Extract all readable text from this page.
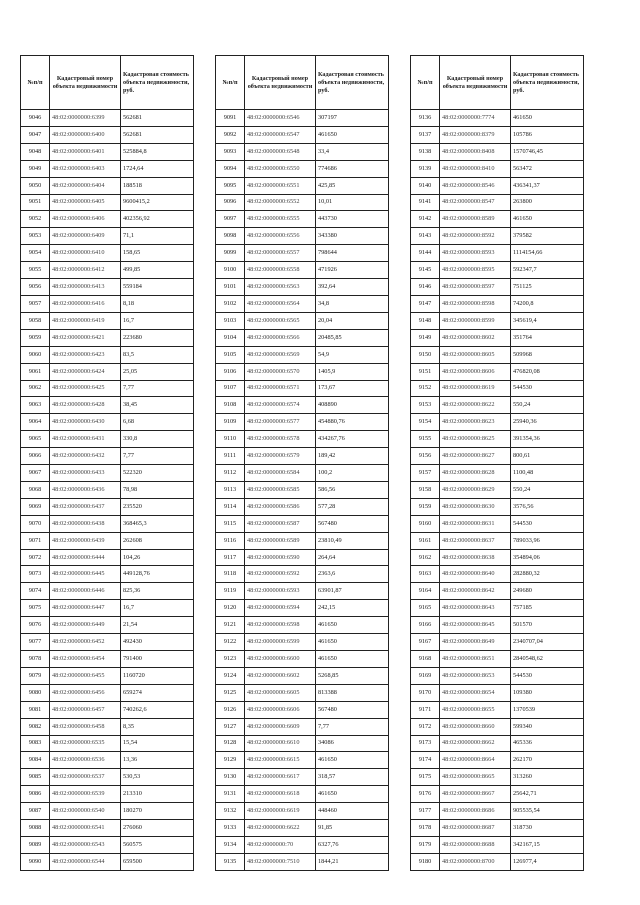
№п/п	Кадастровый номер объекта недвижимости	Кадастровая стоимость объекта недвижимости, руб.
9046	48:02:0000000:6399	562681
9047	48:02:0000000:6400	562681
9048	48:02:0000000:6401	525884,8
9049	48:02:0000000:6403	1724,64
9050	48:02:0000000:6404	188518
9051	48:02:0000000:6405	9600415,2
9052	48:02:0000000:6406	402356,92
9053	48:02:0000000:6409	71,1
9054	48:02:0000000:6410	158,65
9055	48:02:0000000:6412	499,85
9056	48:02:0000000:6413	559184
9057	48:02:0000000:6416	8,18
9058	48:02:0000000:6419	16,7
9059	48:02:0000000:6421	223680
9060	48:02:0000000:6423	83,5
9061	48:02:0000000:6424	25,05
9062	48:02:0000000:6425	7,77
9063	48:02:0000000:6428	38,45
9064	48:02:0000000:6430	6,68
9065	48:02:0000000:6431	330,8
9066	48:02:0000000:6432	7,77
9067	48:02:0000000:6433	522320
9068	48:02:0000000:6436	78,98
9069	48:02:0000000:6437	235520
9070	48:02:0000000:6438	368465,3
9071	48:02:0000000:6439	262608
9072	48:02:0000000:6444	104,26
9073	48:02:0000000:6445	449128,76
9074	48:02:0000000:6446	825,36
9075	48:02:0000000:6447	16,7
9076	48:02:0000000:6449	21,54
9077	48:02:0000000:6452	492430
9078	48:02:0000000:6454	791400
9079	48:02:0000000:6455	1160720
9080	48:02:0000000:6456	659274
9081	48:02:0000000:6457	740262,6
9082	48:02:0000000:6458	8,35
9083	48:02:0000000:6535	15,54
9084	48:02:0000000:6536	13,36
9085	48:02:0000000:6537	530,53
9086	48:02:0000000:6539	213310
9087	48:02:0000000:6540	180270
9088	48:02:0000000:6541	276060
9089	48:02:0000000:6543	560575
9090	48:02:0000000:6544	659500
№п/п	Кадастровый номер объекта недвижимости	Кадастровая стоимость объекта недвижимости, руб.
9091	48:02:0000000:6546	307197
9092	48:02:0000000:6547	461650
9093	48:02:0000000:6548	33,4
9094	48:02:0000000:6550	774686
9095	48:02:0000000:6551	425,85
9096	48:02:0000000:6552	10,01
9097	48:02:0000000:6555	443730
9098	48:02:0000000:6556	343380
9099	48:02:0000000:6557	798644
9100	48:02:0000000:6558	471926
9101	48:02:0000000:6563	392,64
9102	48:02:0000000:6564	34,8
9103	48:02:0000000:6565	20,04
9104	48:02:0000000:6566	20485,85
9105	48:02:0000000:6569	54,9
9106	48:02:0000000:6570	1405,9
9107	48:02:0000000:6571	173,67
9108	48:02:0000000:6574	408890
9109	48:02:0000000:6577	454880,76
9110	48:02:0000000:6578	434267,76
9111	48:02:0000000:6579	189,42
9112	48:02:0000000:6584	100,2
9113	48:02:0000000:6585	586,56
9114	48:02:0000000:6586	577,28
9115	48:02:0000000:6587	567480
9116	48:02:0000000:6589	23810,49
9117	48:02:0000000:6590	264,64
9118	48:02:0000000:6592	2363,6
9119	48:02:0000000:6593	63901,87
9120	48:02:0000000:6594	242,15
9121	48:02:0000000:6598	461650
9122	48:02:0000000:6599	461650
9123	48:02:0000000:6600	461650
9124	48:02:0000000:6602	5268,85
9125	48:02:0000000:6605	813388
9126	48:02:0000000:6606	567480
9127	48:02:0000000:6609	7,77
9128	48:02:0000000:6610	34086
9129	48:02:0000000:6615	461650
9130	48:02:0000000:6617	318,57
9131	48:02:0000000:6618	461650
9132	48:02:0000000:6619	448460
9133	48:02:0000000:6622	91,85
9134	48:02:0000000:70	6327,76
9135	48:02:0000000:7510	1844,21
№п/п	Кадастровый номер объекта недвижимости	Кадастровая стоимость объекта недвижимости, руб.
9136	48:02:0000000:7774	461650
9137	48:02:0000000:8379	105786
9138	48:02:0000000:8408	1570746,45
9139	48:02:0000000:8410	563472
9140	48:02:0000000:8546	436341,37
9141	48:02:0000000:8547	263800
9142	48:02:0000000:8589	461650
9143	48:02:0000000:8592	379582
9144	48:02:0000000:8593	1114154,66
9145	48:02:0000000:8595	592347,7
9146	48:02:0000000:8597	751125
9147	48:02:0000000:8598	74200,8
9148	48:02:0000000:8599	345619,4
9149	48:02:0000000:8602	351764
9150	48:02:0000000:8605	509968
9151	48:02:0000000:8606	476820,08
9152	48:02:0000000:8619	544530
9153	48:02:0000000:8622	550,24
9154	48:02:0000000:8623	25940,36
9155	48:02:0000000:8625	391354,36
9156	48:02:0000000:8627	800,61
9157	48:02:0000000:8628	1100,48
9158	48:02:0000000:8629	550,24
9159	48:02:0000000:8630	3576,56
9160	48:02:0000000:8631	544530
9161	48:02:0000000:8637	789033,96
9162	48:02:0000000:8638	354894,06
9163	48:02:0000000:8640	282880,32
9164	48:02:0000000:8642	249680
9165	48:02:0000000:8643	757185
9166	48:02:0000000:8645	501570
9167	48:02:0000000:8649	2340707,04
9168	48:02:0000000:8651	2840548,62
9169	48:02:0000000:8653	544530
9170	48:02:0000000:8654	109380
9171	48:02:0000000:8655	1370539
9172	48:02:0000000:8660	599340
9173	48:02:0000000:8662	465336
9174	48:02:0000000:8664	262170
9175	48:02:0000000:8665	313260
9176	48:02:0000000:8667	25642,71
9177	48:02:0000000:8686	905535,54
9178	48:02:0000000:8687	318730
9179	48:02:0000000:8688	342167,15
9180	48:02:0000000:8700	126977,4
